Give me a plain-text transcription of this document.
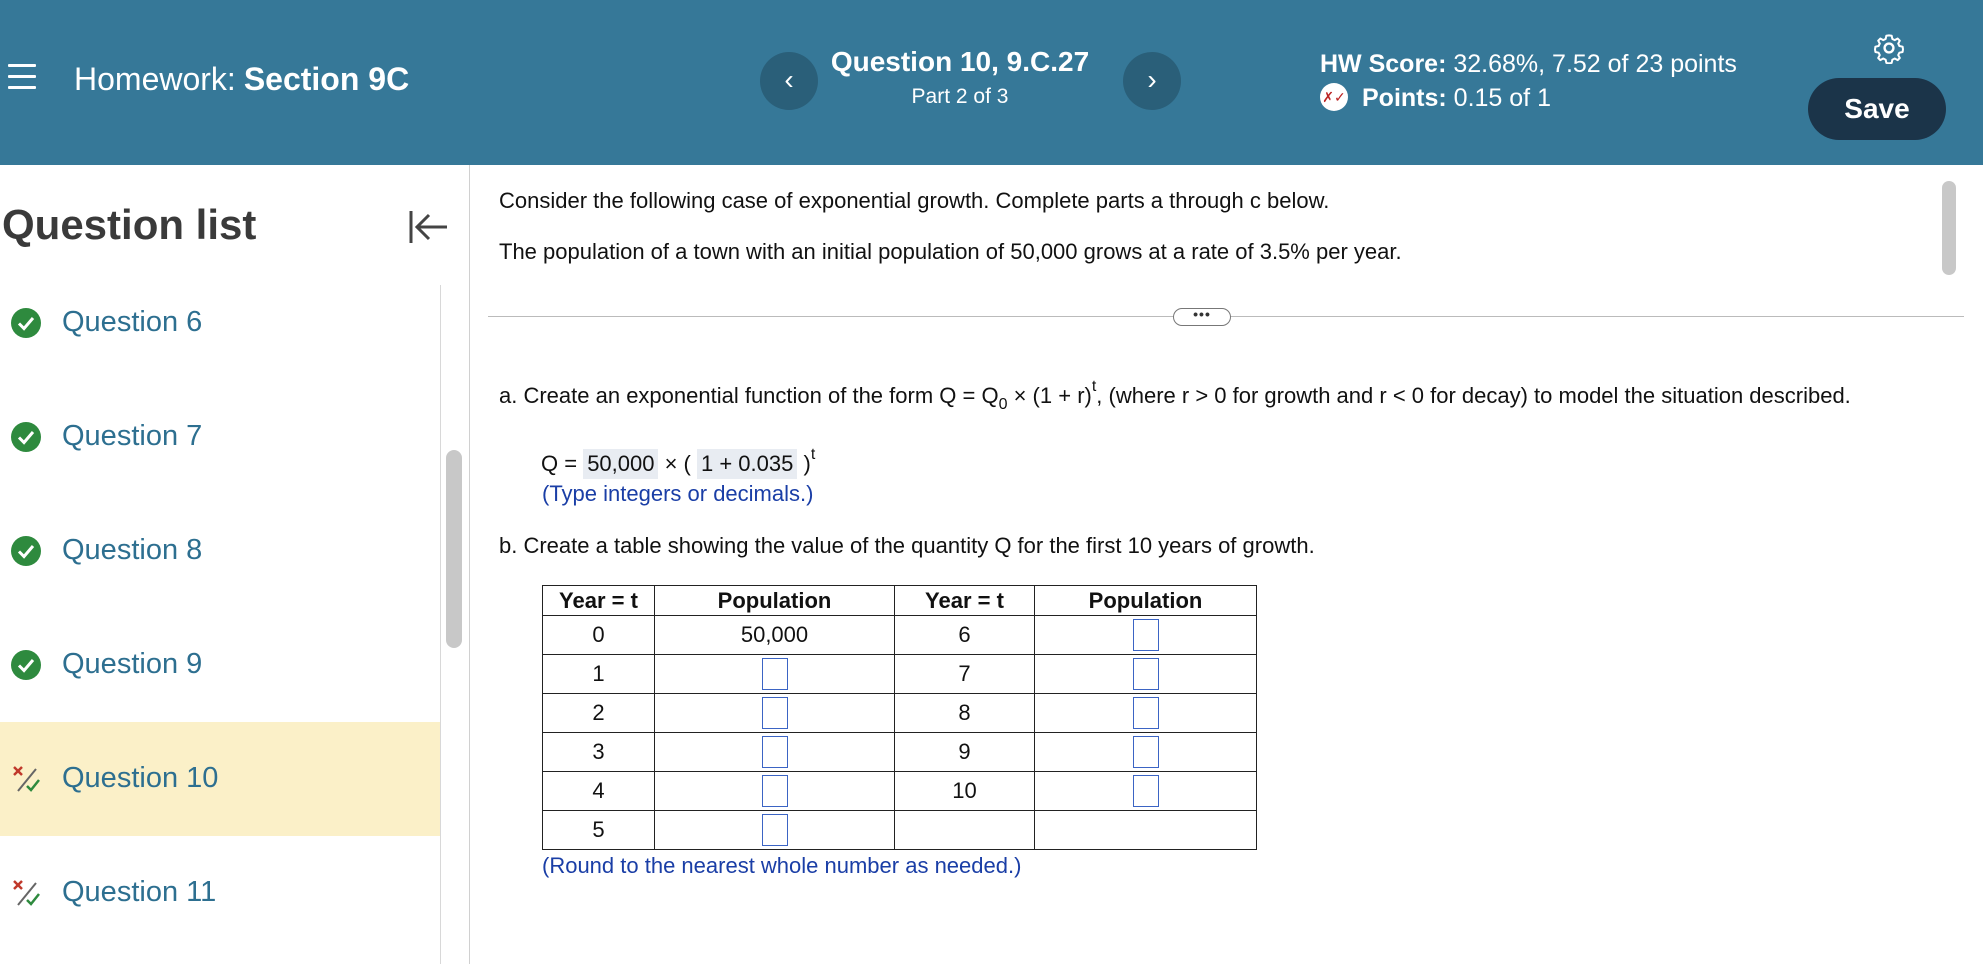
Homework: Section 9C	‹
Question 10, 9.C.27
Part 2 of 3
›	HW Score: 32.68%, 7.52 of 23 points
✗✓ Points: 0.15 of 1	Save
Question list
Question 6
Question 7
Question 8
Question 9
Question 10
Question 11
Consider the following case of exponential growth. Complete parts a through c below.
The population of a town with an initial population of 50,000 grows at a rate of 3.5% per year.
•••
a. Create an exponential function of the form $Q = Q_0 \times (1 + r)^t$, (where r > 0 for growth and r < 0 for decay) to model the situation described.
Q = 50,000 × ( 1 + 0.035 )$^t$
(Type integers or decimals.)
b. Create a table showing the value of the quantity Q for the first 10 years of growth.
Year = t	Population	Year = t	Population
0	50,000	6	
1		7	
2		8	
3		9	
4		10	
5			
(Round to the nearest whole number as needed.)
